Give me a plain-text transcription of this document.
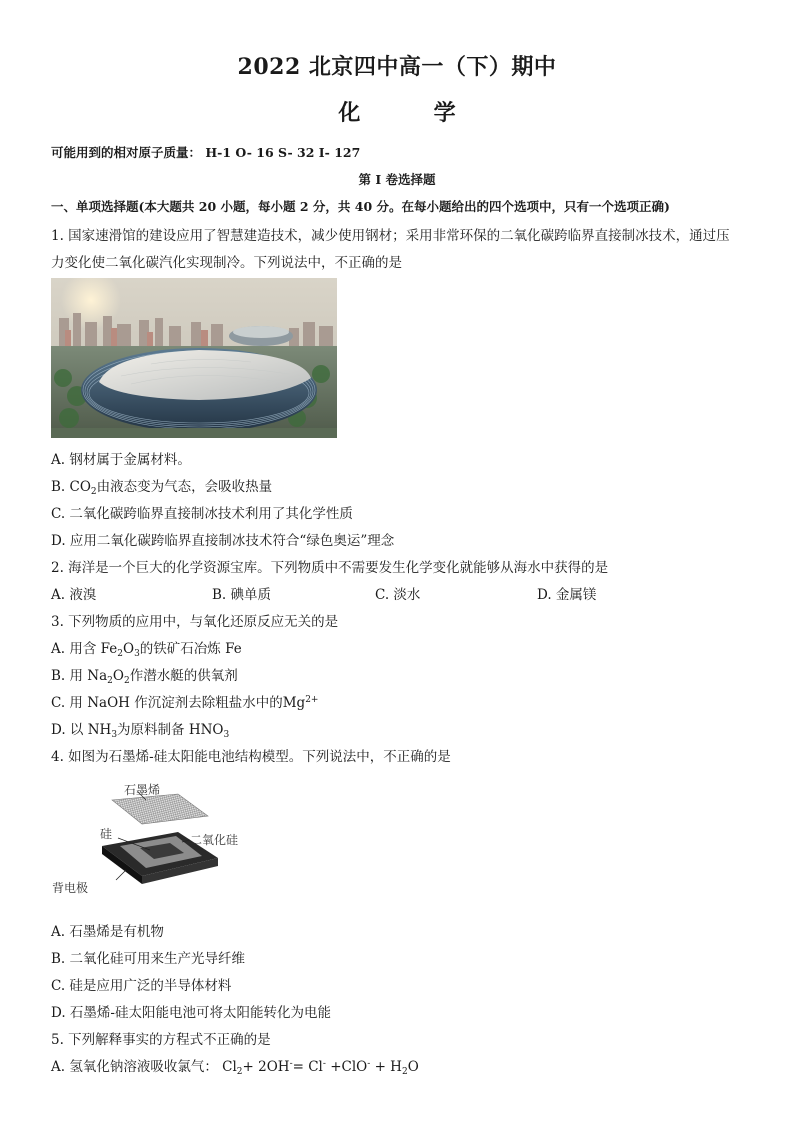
2022 北京四中高一（下）期中
化	学
可能用到的相对原子质量： H-1 O- 16 S- 32 I- 127
第 I 卷选择题
一、单项选择题(本大题共 20 小题，每小题 2 分，共 40 分。在每小题给出的四个选项中，只有一个选项正确)
1. 国家速滑馆的建设应用了智慧建造技术，减少使用钢材；采用非常环保的二氧化碳跨临界直接制冰技术，通过压
力变化使二氧化碳汽化实现制冷。下列说法中，不正确的是
A. 钢材属于金属材料。
B. $CO_2$由液态变为气态，会吸收热量
C. 二氧化碳跨临界直接制冰技术利用了其化学性质
D. 应用二氧化碳跨临界直接制冰技术符合“绿色奥运”理念
2. 海洋是一个巨大的化学资源宝库。下列物质中不需要发生化学变化就能够从海水中获得的是
A. 液溴	B. 碘单质	C. 淡水	D. 金属镁
3. 下列物质的应用中，与氧化还原反应无关的是
A. 用含 $Fe_2O_3$的铁矿石冶炼 Fe
B. 用 $Na_2O_2$作潜水艇的供氧剂
C. 用 NaOH 作沉淀剂去除粗盐水中的$Mg^{2+}$
D. 以 $NH_3$为原料制备 $HNO_3$
4. 如图为石墨烯-硅太阳能电池结构模型。下列说法中，不正确的是
石墨烯
硅	二氧化硅
背电极
A. 石墨烯是有机物
B. 二氧化硅可用来生产光导纤维
C. 硅是应用广泛的半导体材料
D. 石墨烯-硅太阳能电池可将太阳能转化为电能
5. 下列解释事实的方程式不正确的是
A. 氢氧化钠溶液吸收氯气： $Cl_2+ 2OH^-= Cl^- +ClO^- + H_2O$
